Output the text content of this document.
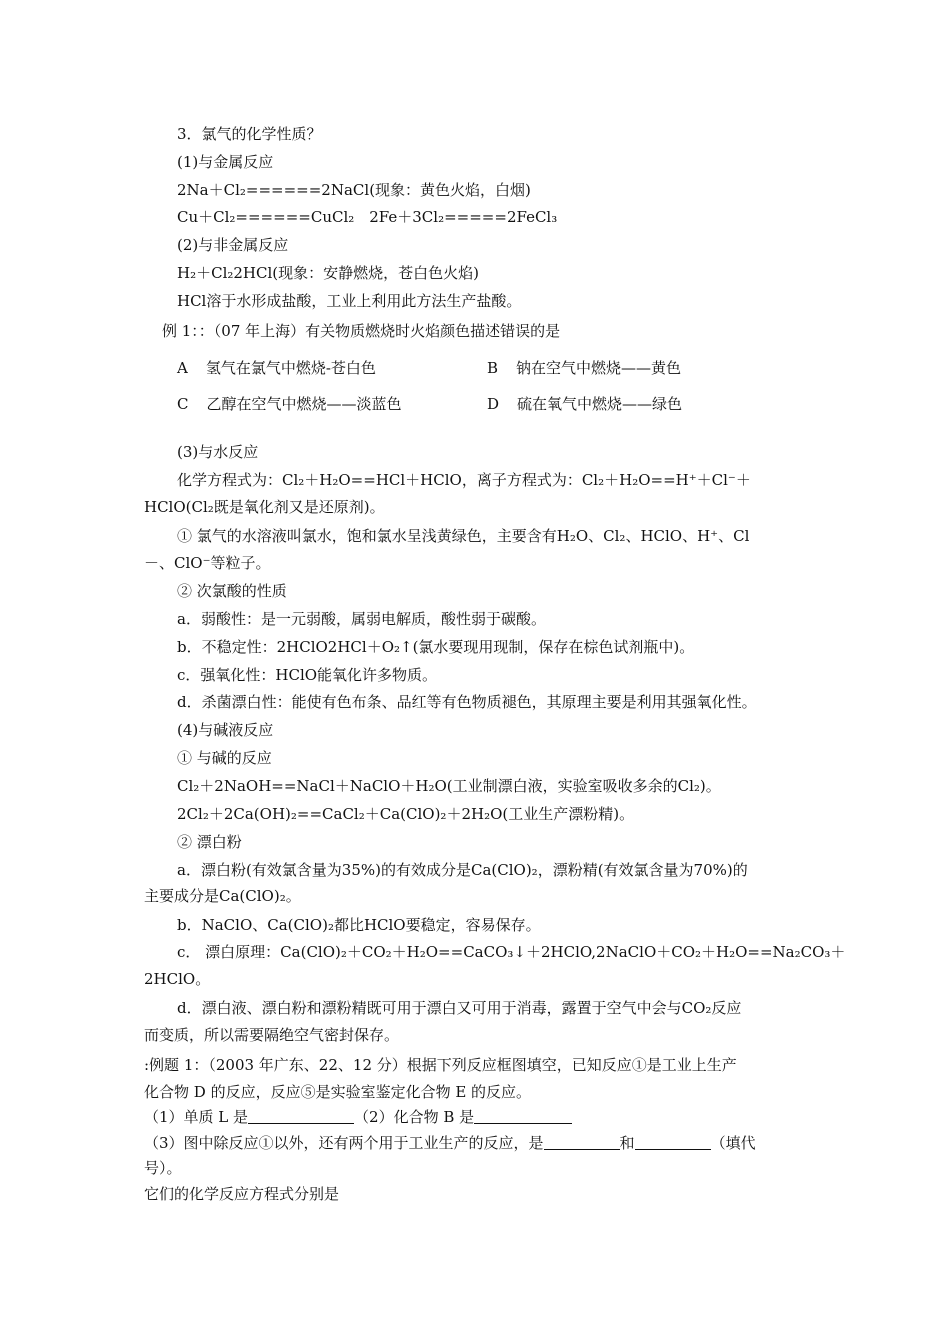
3．氯气的化学性质？
(1)与金属反应
2Na＋Cl₂======2NaCl(现象：黄色火焰，白烟)
Cu＋Cl₂======CuCl₂　2Fe＋3Cl₂=====2FeCl₃
(2)与非金属反应
H₂＋Cl₂2HCl(现象：安静燃烧，苍白色火焰)
HCl溶于水形成盐酸，工业上利用此方法生产盐酸。
例 1：：（07 年上海）有关物质燃烧时火焰颜色描述错误的是
A 氢气在氯气中燃烧-苍白色	B 钠在空气中燃烧——黄色
C 乙醇在空气中燃烧——淡蓝色	D 硫在氧气中燃烧——绿色
(3)与水反应
化学方程式为：Cl₂＋H₂O==HCl＋HClO，离子方程式为：Cl₂＋H₂O==H⁺＋Cl⁻＋
HClO(Cl₂既是氧化剂又是还原剂)。
① 氯气的水溶液叫氯水，饱和氯水呈浅黄绿色，主要含有H₂O、Cl₂、HClO、H⁺、Cl
－、ClO⁻等粒子。
② 次氯酸的性质
a．弱酸性：是一元弱酸，属弱电解质，酸性弱于碳酸。
b．不稳定性：2HClO2HCl＋O₂↑(氯水要现用现制，保存在棕色试剂瓶中)。
c．强氧化性：HClO能氧化许多物质。
d．杀菌漂白性：能使有色布条、品红等有色物质褪色，其原理主要是利用其强氧化性。
(4)与碱液反应
① 与碱的反应
Cl₂＋2NaOH==NaCl＋NaClO＋H₂O(工业制漂白液，实验室吸收多余的Cl₂)。
2Cl₂＋2Ca(OH)₂==CaCl₂＋Ca(ClO)₂＋2H₂O(工业生产漂粉精)。
② 漂白粉
a．漂白粉(有效氯含量为35%)的有效成分是Ca(ClO)₂，漂粉精(有效氯含量为70%)的
主要成分是Ca(ClO)₂。
b．NaClO、Ca(ClO)₂都比HClO要稳定，容易保存。
c． 漂白原理：Ca(ClO)₂＋CO₂＋H₂O==CaCO₃↓＋2HClO,2NaClO＋CO₂＋H₂O==Na₂CO₃＋
2HClO。
d．漂白液、漂白粉和漂粉精既可用于漂白又可用于消毒，露置于空气中会与CO₂反应
而变质，所以需要隔绝空气密封保存。
:例题 1：（2003 年广东、22、12 分）根据下列反应框图填空，已知反应①是工业上生产
化合物 D 的反应，反应⑤是实验室鉴定化合物 E 的反应。
（1）单质 L 是	（2）化合物 B 是
（3）图中除反应①以外，还有两个用于工业生产的反应，是	和	（填代
号）。
它们的化学反应方程式分别是
